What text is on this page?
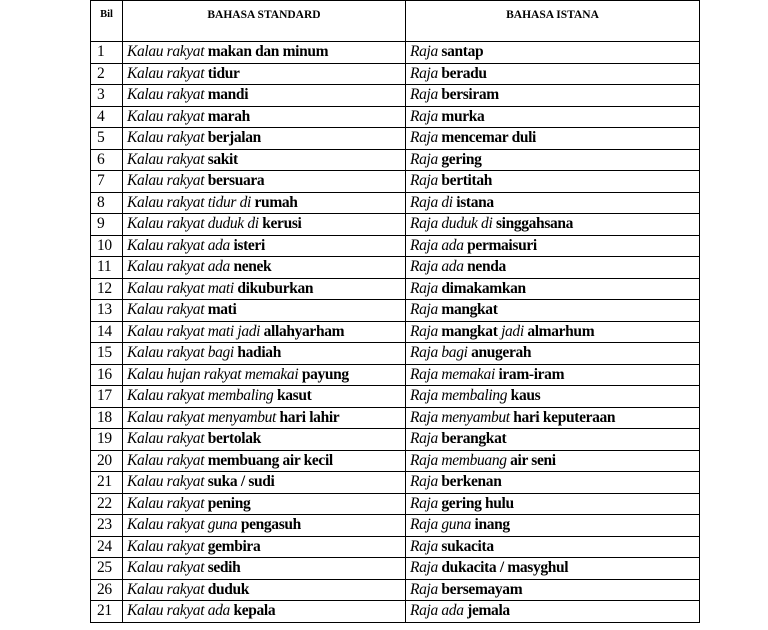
Bil	BAHASA STANDARD	BAHASA ISTANA
1	Kalau rakyat makan dan minum	Raja santap
2	Kalau rakyat tidur	Raja beradu
3	Kalau rakyat mandi	Raja bersiram
4	Kalau rakyat marah	Raja murka
5	Kalau rakyat berjalan	Raja mencemar duli
6	Kalau rakyat sakit	Raja gering
7	Kalau rakyat bersuara	Raja bertitah
8	Kalau rakyat tidur di rumah	Raja di istana
9	Kalau rakyat duduk di kerusi	Raja duduk di singgahsana
10	Kalau rakyat ada isteri	Raja ada permaisuri
11	Kalau rakyat ada nenek	Raja ada nenda
12	Kalau rakyat mati dikuburkan	Raja dimakamkan
13	Kalau rakyat mati	Raja mangkat
14	Kalau rakyat mati jadi allahyarham	Raja mangkat jadi almarhum
15	Kalau rakyat bagi hadiah	Raja bagi anugerah
16	Kalau hujan rakyat memakai payung	Raja memakai iram-iram
17	Kalau rakyat membaling kasut	Raja membaling kaus
18	Kalau rakyat menyambut hari lahir	Raja menyambut hari keputeraan
19	Kalau rakyat bertolak	Raja berangkat
20	Kalau rakyat membuang air kecil	Raja membuang air seni
21	Kalau rakyat suka / sudi	Raja berkenan
22	Kalau rakyat pening	Raja gering hulu
23	Kalau rakyat guna pengasuh	Raja guna inang
24	Kalau rakyat gembira	Raja sukacita
25	Kalau rakyat sedih	Raja dukacita / masyghul
26	Kalau rakyat duduk	Raja bersemayam
21	Kalau rakyat ada kepala	Raja ada jemala
